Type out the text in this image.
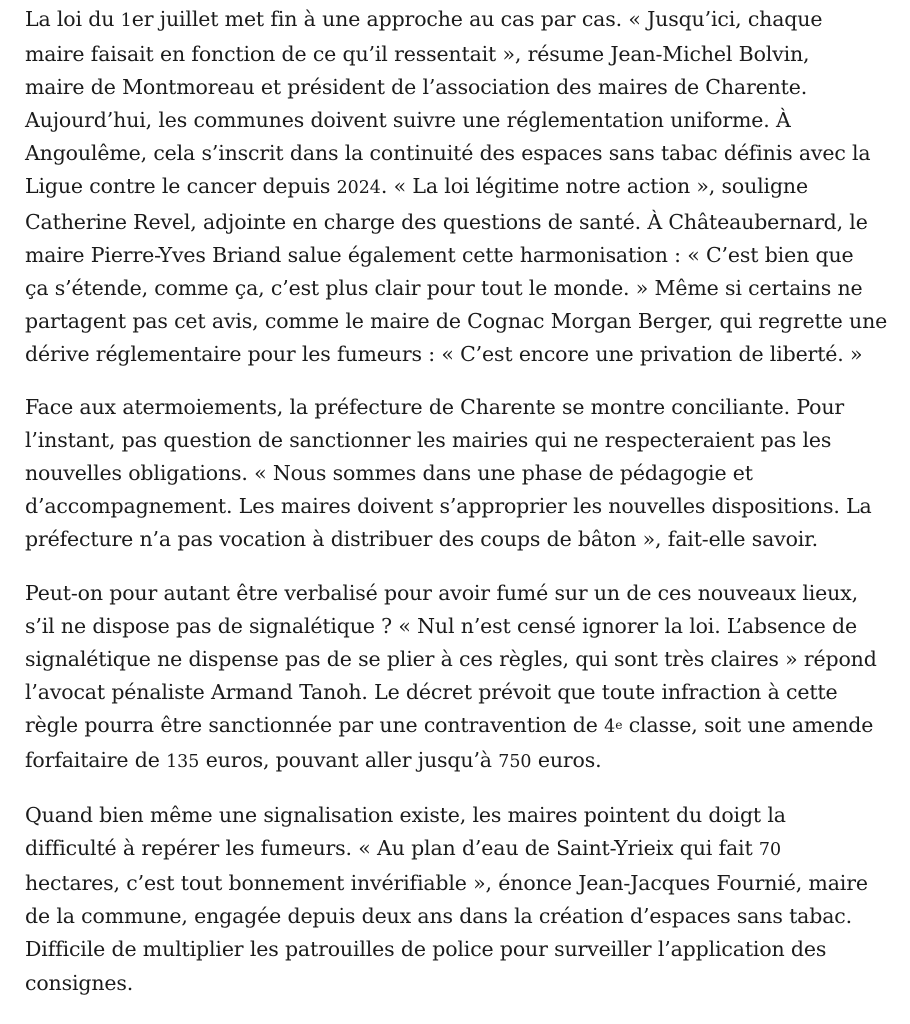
La loi du 1er juillet met fin à une approche au cas par cas. « Jusqu’ici, chaque
maire faisait en fonction de ce qu’il ressentait », résume Jean-Michel Bolvin,
maire de Montmoreau et président de l’association des maires de Charente.
Aujourd’hui, les communes doivent suivre une réglementation uniforme. À
Angoulême, cela s’inscrit dans la continuité des espaces sans tabac définis avec la
Ligue contre le cancer depuis 2024. « La loi légitime notre action », souligne
Catherine Revel, adjointe en charge des questions de santé. À Châteaubernard, le
maire Pierre-Yves Briand salue également cette harmonisation : « C’est bien que
ça s’étende, comme ça, c’est plus clair pour tout le monde. » Même si certains ne
partagent pas cet avis, comme le maire de Cognac Morgan Berger, qui regrette une
dérive réglementaire pour les fumeurs : « C’est encore une privation de liberté. »

Face aux atermoiements, la préfecture de Charente se montre conciliante. Pour
l’instant, pas question de sanctionner les mairies qui ne respecteraient pas les
nouvelles obligations. « Nous sommes dans une phase de pédagogie et
d’accompagnement. Les maires doivent s’approprier les nouvelles dispositions. La
préfecture n’a pas vocation à distribuer des coups de bâton », fait-elle savoir.

Peut-on pour autant être verbalisé pour avoir fumé sur un de ces nouveaux lieux,
s’il ne dispose pas de signalétique ? « Nul n’est censé ignorer la loi. L’absence de
signalétique ne dispense pas de se plier à ces règles, qui sont très claires » répond
l’avocat pénaliste Armand Tanoh. Le décret prévoit que toute infraction à cette
règle pourra être sanctionnée par une contravention de 4e classe, soit une amende
forfaitaire de 135 euros, pouvant aller jusqu’à 750 euros.

Quand bien même une signalisation existe, les maires pointent du doigt la
difficulté à repérer les fumeurs. « Au plan d’eau de Saint-Yrieix qui fait 70
hectares, c’est tout bonnement invérifiable », énonce Jean-Jacques Fournié, maire
de la commune, engagée depuis deux ans dans la création d’espaces sans tabac.
Difficile de multiplier les patrouilles de police pour surveiller l’application des
consignes.
